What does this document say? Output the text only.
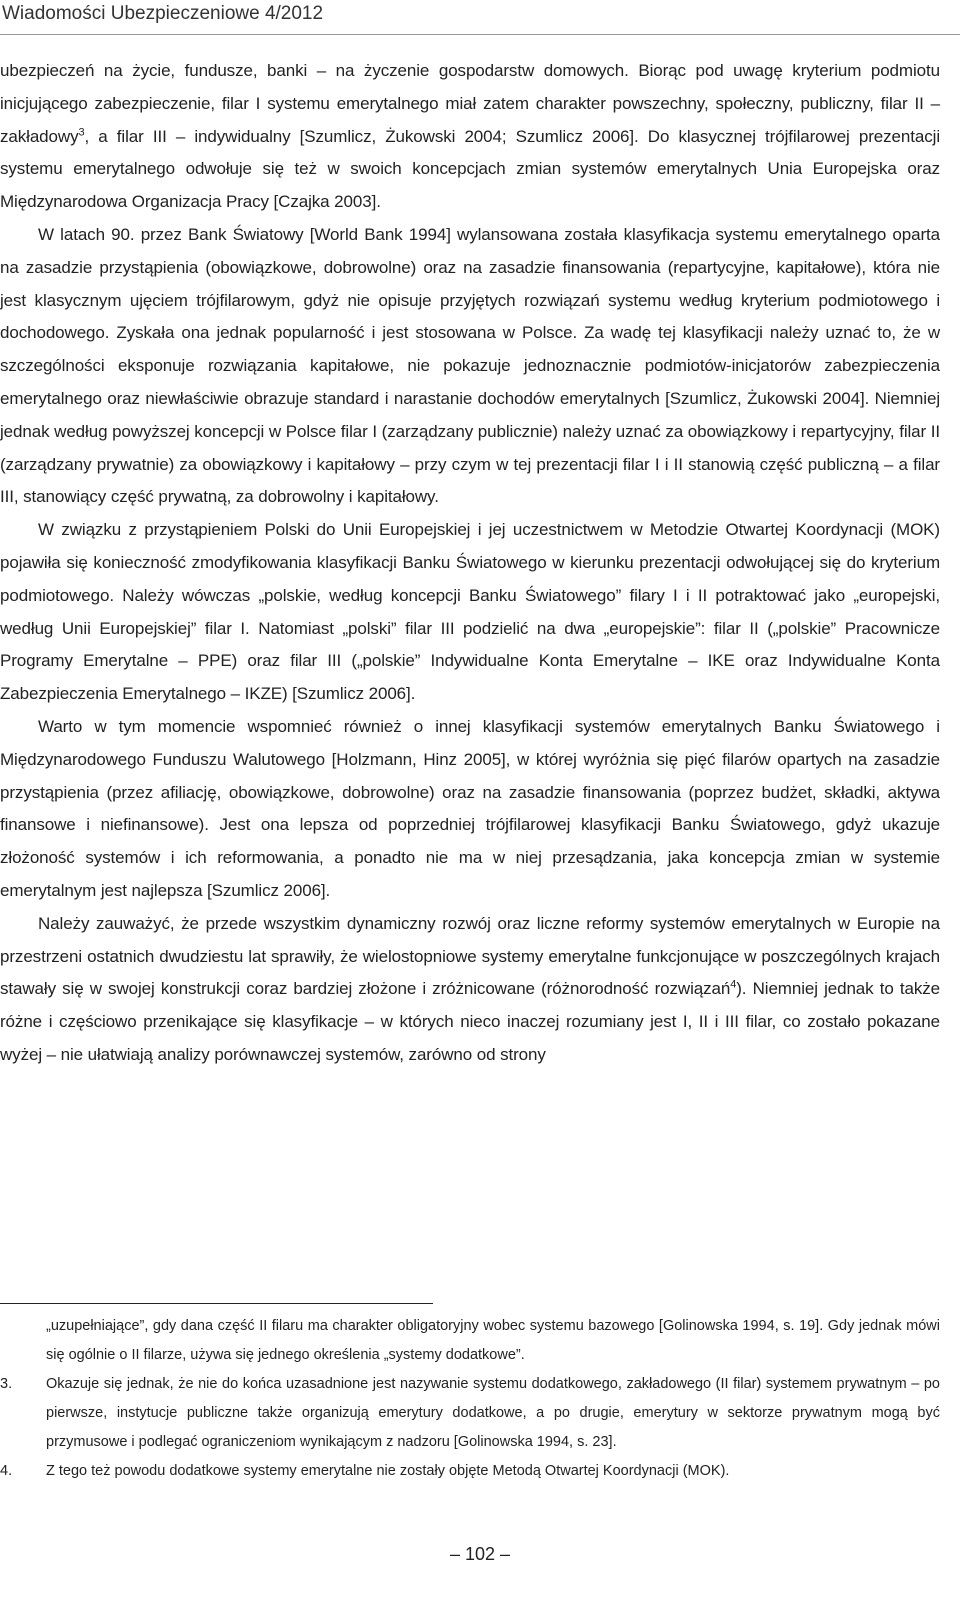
Wiadomości Ubezpieczeniowe 4/2012

ubezpieczeń na życie, fundusze, banki – na życzenie gospodarstw domowych. Biorąc pod uwagę kryterium podmiotu inicjującego zabezpieczenie, filar I systemu emerytalnego miał zatem charakter powszechny, społeczny, publiczny, filar II – zakładowy$^3$, a filar III – indywidualny [Szumlicz, Żukowski 2004; Szumlicz 2006]. Do klasycznej trójfilarowej prezentacji systemu emerytalnego odwołuje się też w swoich koncepcjach zmian systemów emerytalnych Unia Europejska oraz Międzynarodowa Organizacja Pracy [Czajka 2003].

W latach 90. przez Bank Światowy [World Bank 1994] wylansowana została klasyfikacja systemu emerytalnego oparta na zasadzie przystąpienia (obowiązkowe, dobrowolne) oraz na zasadzie finansowania (repartycyjne, kapitałowe), która nie jest klasycznym ujęciem trójfilarowym, gdyż nie opisuje przyjętych rozwiązań systemu według kryterium podmiotowego i dochodowego. Zyskała ona jednak popularność i jest stosowana w Polsce. Za wadę tej klasyfikacji należy uznać to, że w szczególności eksponuje rozwiązania kapitałowe, nie pokazuje jednoznacznie podmiotów-inicjatorów zabezpieczenia emerytalnego oraz niewłaściwie obrazuje standard i narastanie dochodów emerytalnych [Szumlicz, Żukowski 2004]. Niemniej jednak według powyższej koncepcji w Polsce filar I (zarządzany publicznie) należy uznać za obowiązkowy i repartycyjny, filar II (zarządzany prywatnie) za obowiązkowy i kapitałowy – przy czym w tej prezentacji filar I i II stanowią część publiczną – a filar III, stanowiący część prywatną, za dobrowolny i kapitałowy.

W związku z przystąpieniem Polski do Unii Europejskiej i jej uczestnictwem w Metodzie Otwartej Koordynacji (MOK) pojawiła się konieczność zmodyfikowania klasyfikacji Banku Światowego w kierunku prezentacji odwołującej się do kryterium podmiotowego. Należy wówczas „polskie, według koncepcji Banku Światowego” filary I i II potraktować jako „europejski, według Unii Europejskiej” filar I. Natomiast „polski” filar III podzielić na dwa „europejskie”: filar II („polskie” Pracownicze Programy Emerytalne – PPE) oraz filar III („polskie” Indywidualne Konta Emerytalne – IKE oraz Indywidualne Konta Zabezpieczenia Emerytalnego – IKZE) [Szumlicz 2006].

Warto w tym momencie wspomnieć również o innej klasyfikacji systemów emerytalnych Banku Światowego i Międzynarodowego Funduszu Walutowego [Holzmann, Hinz 2005], w której wyróżnia się pięć filarów opartych na zasadzie przystąpienia (przez afiliację, obowiązkowe, dobrowolne) oraz na zasadzie finansowania (poprzez budżet, składki, aktywa finansowe i niefinansowe). Jest ona lepsza od poprzedniej trójfilarowej klasyfikacji Banku Światowego, gdyż ukazuje złożoność systemów i ich reformowania, a ponadto nie ma w niej przesądzania, jaka koncepcja zmian w systemie emerytalnym jest najlepsza [Szumlicz 2006].

Należy zauważyć, że przede wszystkim dynamiczny rozwój oraz liczne reformy systemów emerytalnych w Europie na przestrzeni ostatnich dwudziestu lat sprawiły, że wielostopniowe systemy emerytalne funkcjonujące w poszczególnych krajach stawały się w swojej konstrukcji coraz bardziej złożone i zróżnicowane (różnorodność rozwiązań$^4$). Niemniej jednak to także różne i częściowo przenikające się klasyfikacje – w których nieco inaczej rozumiany jest I, II i III filar, co zostało pokazane wyżej – nie ułatwiają analizy porównawczej systemów, zarówno od strony

„uzupełniające”, gdy dana część II filaru ma charakter obligatoryjny wobec systemu bazowego [Golinowska 1994, s. 19]. Gdy jednak mówi się ogólnie o II filarze, używa się jednego określenia „systemy dodatkowe”.
3. Okazuje się jednak, że nie do końca uzasadnione jest nazywanie systemu dodatkowego, zakładowego (II filar) systemem prywatnym – po pierwsze, instytucje publiczne także organizują emerytury dodatkowe, a po drugie, emerytury w sektorze prywatnym mogą być przymusowe i podlegać ograniczeniom wynikającym z nadzoru [Golinowska 1994, s. 23].
4. Z tego też powodu dodatkowe systemy emerytalne nie zostały objęte Metodą Otwartej Koordynacji (MOK).
– 102 –
